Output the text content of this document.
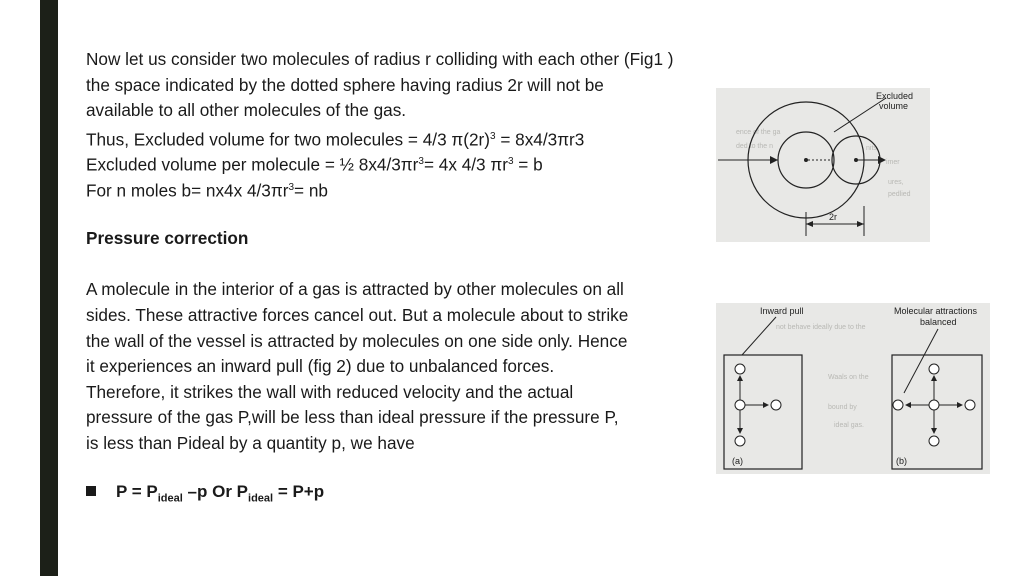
Now let us consider two molecules of radius r colliding with each other (Fig1 )
the space indicated by the dotted sphere having radius 2r will not be
available to all other molecules of the gas.
Thus, Excluded volume for two molecules = 4/3 $\pi(2r)^3 = 8x4/3\pi r3$
Excluded volume per molecule = ½ $8x4/3\pi r^3= 4x$ 4/3 $\pi r^3 = b$
For n moles b= nx4x $4/3\pi r^3=$ nb
Pressure correction
A molecule in the interior of a gas is attracted by other molecules on all
sides. These attractive forces cancel out. But a molecule about to strike
the wall of the vessel is attracted by molecules on one side only. Hence
it experiences an inward pull (fig 2) due to unbalanced forces.
Therefore, it strikes the wall with reduced velocity and the actual
pressure of the gas P,will be less than ideal pressure if the pressure P,
is less than Pideal by a quantity p, we have
$P = P_{ideal}$ –p Or $P_{ideal} = P+p$
ence of the ga
ded to the n	nits
imer
ures,
pedlied
Excluded
volume
2r
not behave ideally due to the
Waals on the
bound by
ideal gas.
Inward pull	Molecular attractions
balanced
(a)	(b)
